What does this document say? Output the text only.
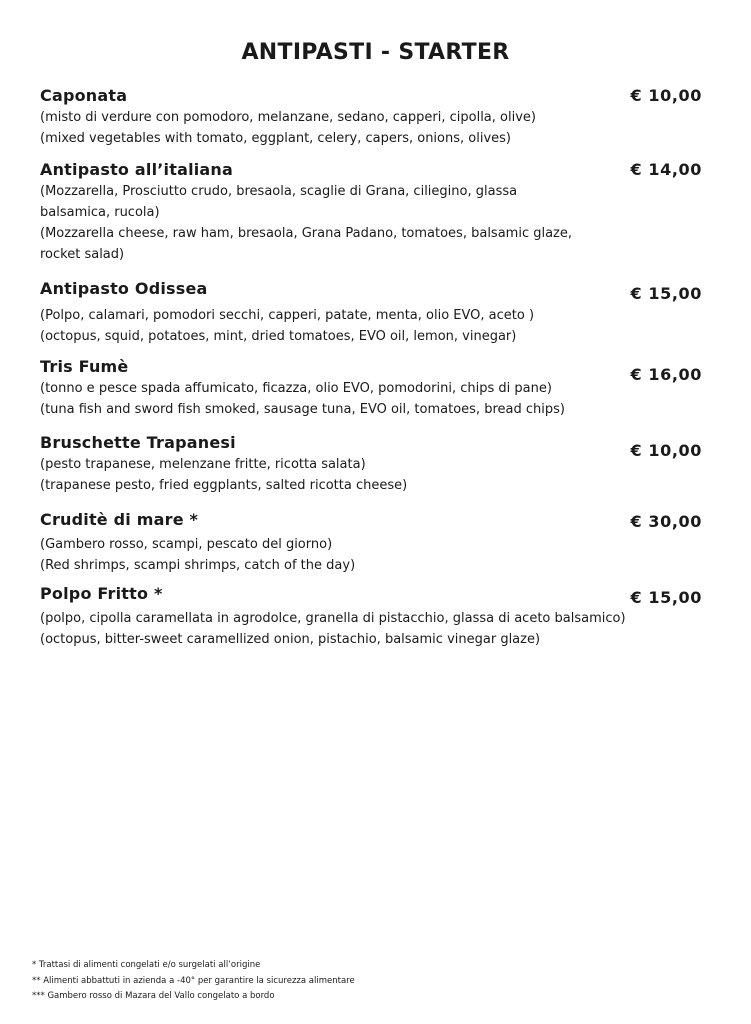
ANTIPASTI - STARTER
Caponata	€ 10,00
(misto di verdure con pomodoro, melanzane, sedano, capperi, cipolla, olive)
(mixed vegetables with tomato, eggplant, celery, capers, onions, olives)
Antipasto all’italiana	€ 14,00
(Mozzarella, Prosciutto crudo, bresaola, scaglie di Grana, ciliegino, glassa balsamica, rucola)
(Mozzarella cheese, raw ham, bresaola, Grana Padano, tomatoes, balsamic glaze, rocket salad)
Antipasto Odissea	€ 15,00
(Polpo, calamari, pomodori secchi, capperi, patate, menta, olio EVO, aceto )
(octopus, squid, potatoes, mint, dried tomatoes, EVO oil, lemon, vinegar)
Tris Fumè	€ 16,00
(tonno e pesce spada affumicato, ficazza, olio EVO, pomodorini, chips di pane)
(tuna fish and sword fish smoked, sausage tuna, EVO oil, tomatoes, bread chips)
Bruschette Trapanesi	€ 10,00
(pesto trapanese, melenzane fritte, ricotta salata)
(trapanese pesto, fried eggplants, salted ricotta cheese)
Cruditè di mare *	€ 30,00
(Gambero rosso, scampi, pescato del giorno)
(Red shrimps, scampi shrimps, catch of the day)
Polpo Fritto *	€ 15,00
(polpo, cipolla caramellata in agrodolce, granella di pistacchio, glassa di aceto balsamico)
(octopus, bitter-sweet caramellized onion, pistachio, balsamic vinegar glaze)
* Trattasi di alimenti congelati e/o surgelati all’origine
** Alimenti abbattuti in azienda a -40° per garantire la sicurezza alimentare
*** Gambero rosso di Mazara del Vallo congelato a bordo
